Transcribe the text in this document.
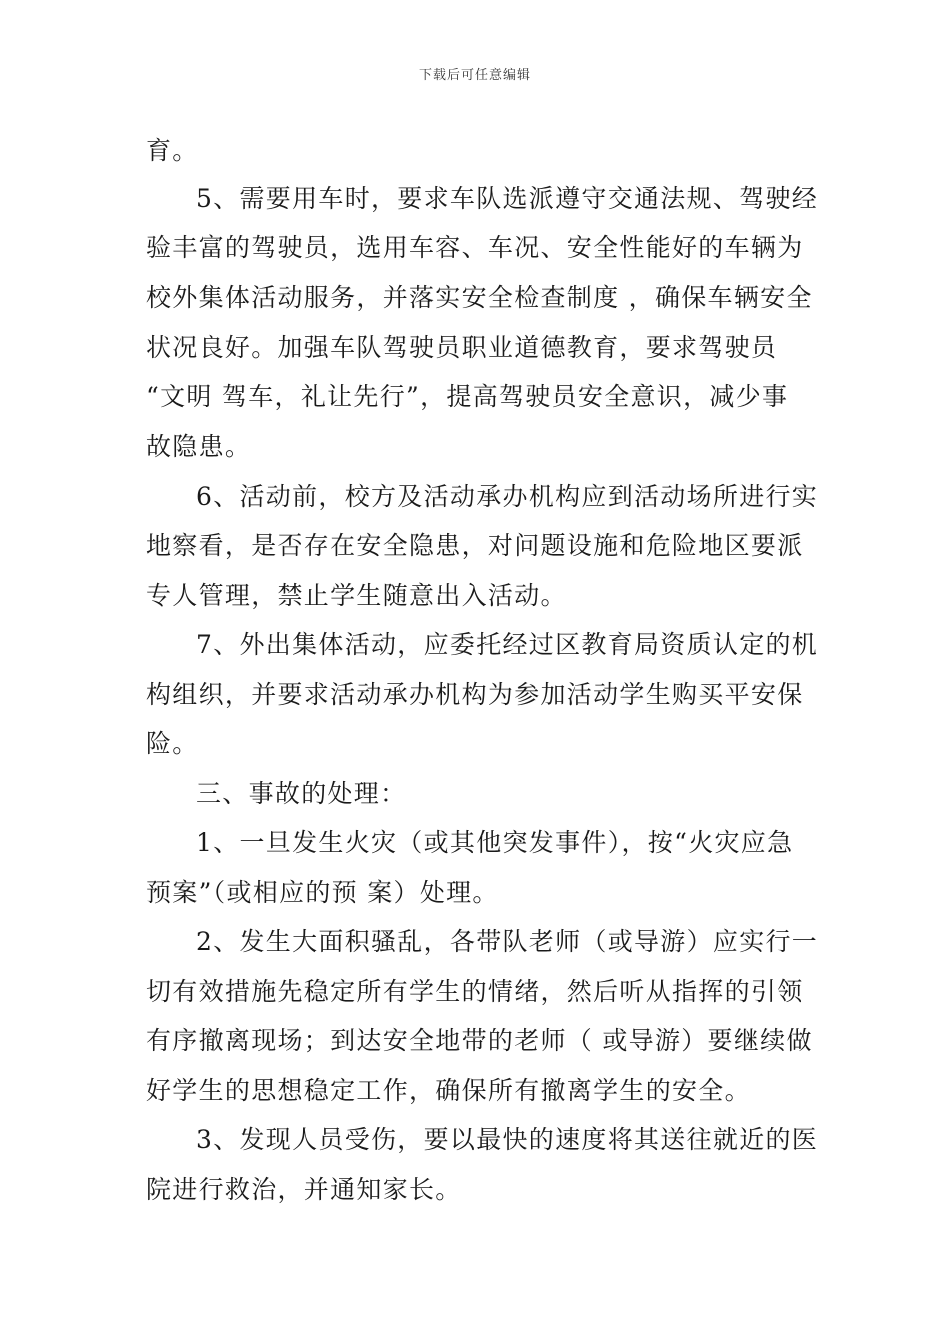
下载后可任意编辑
育。
5、需要用车时，要求车队选派遵守交通法规、驾驶经
验丰富的驾驶员，选用车容、车况、安全性能好的车辆为
校外集体活动服务，并落实安全检查制度 ，确保车辆安全
状况良好。加强车队驾驶员职业道德教育，要求驾驶员
“文明 驾车，礼让先行”，提高驾驶员安全意识，减少事
故隐患。
6、活动前，校方及活动承办机构应到活动场所进行实
地察看，是否存在安全隐患，对问题设施和危险地区要派
专人管理，禁止学生随意出入活动。
7、外出集体活动，应委托经过区教育局资质认定的机
构组织，并要求活动承办机构为参加活动学生购买平安保
险。
三、事故的处理：
1、一旦发生火灾（或其他突发事件），按“火灾应急
预案”（或相应的预 案）处理。
2、发生大面积骚乱，各带队老师（或导游）应实行一
切有效措施先稳定所有学生的情绪，然后听从指挥的引领
有序撤离现场；到达安全地带的老师（ 或导游）要继续做
好学生的思想稳定工作，确保所有撤离学生的安全。
3、发现人员受伤，要以最快的速度将其送往就近的医
院进行救治，并通知家长。
